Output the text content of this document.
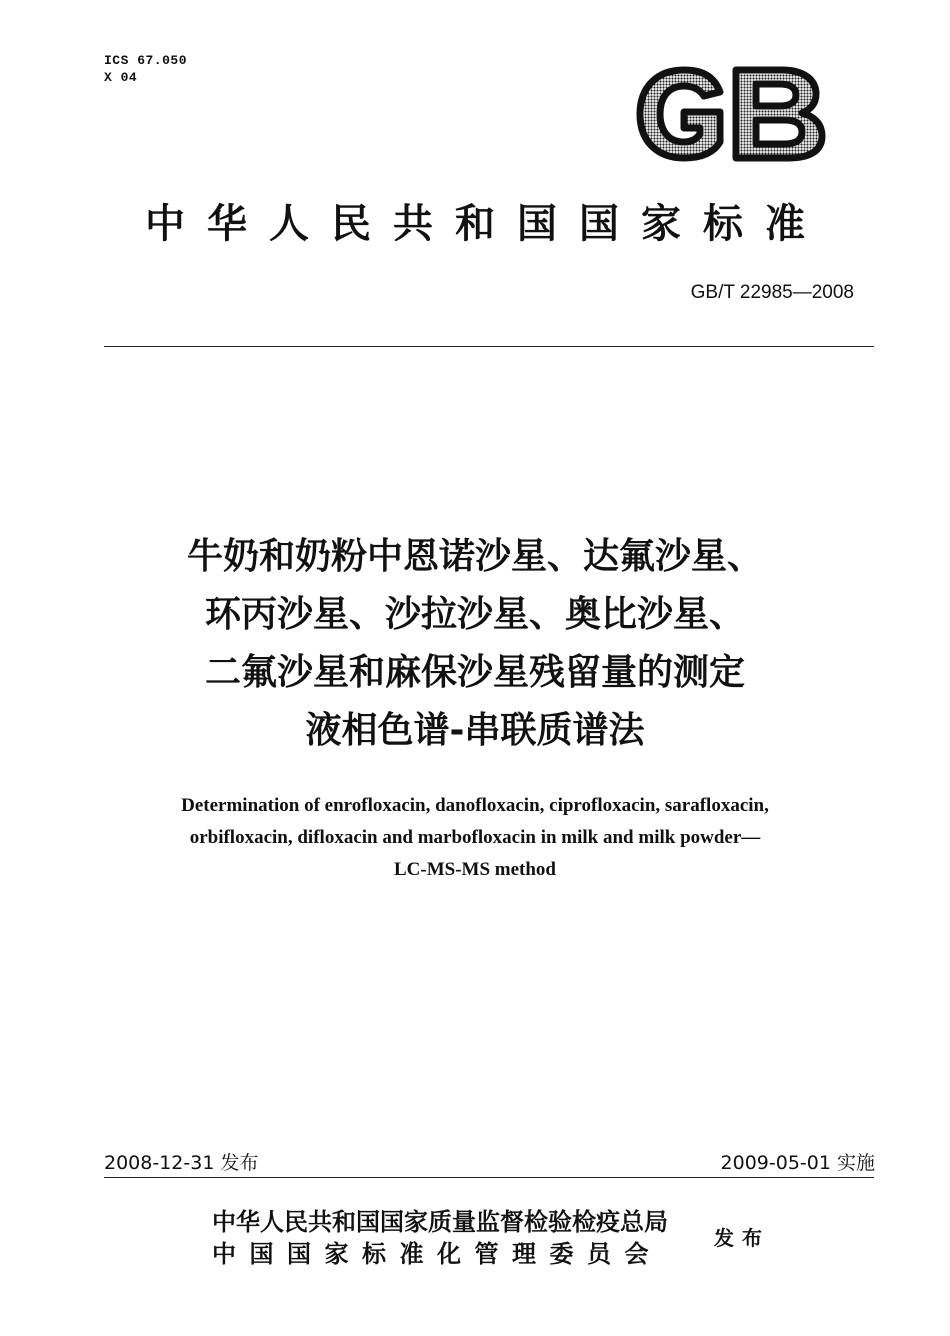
ICS 67.050
X 04
中华人民共和国国家标准
GB/T 22985—2008
牛奶和奶粉中恩诺沙星、达氟沙星、
环丙沙星、沙拉沙星、奥比沙星、
二氟沙星和麻保沙星残留量的测定
液相色谱-串联质谱法
Determination of enrofloxacin, danofloxacin, ciprofloxacin, sarafloxacin,
orbifloxacin, difloxacin and marbofloxacin in milk and milk powder—
LC-MS-MS method
2008-12-31 发布	2009-05-01 实施
中华人民共和国国家质量监督检验检疫总局
中国国家标准化管理委员会
发布
